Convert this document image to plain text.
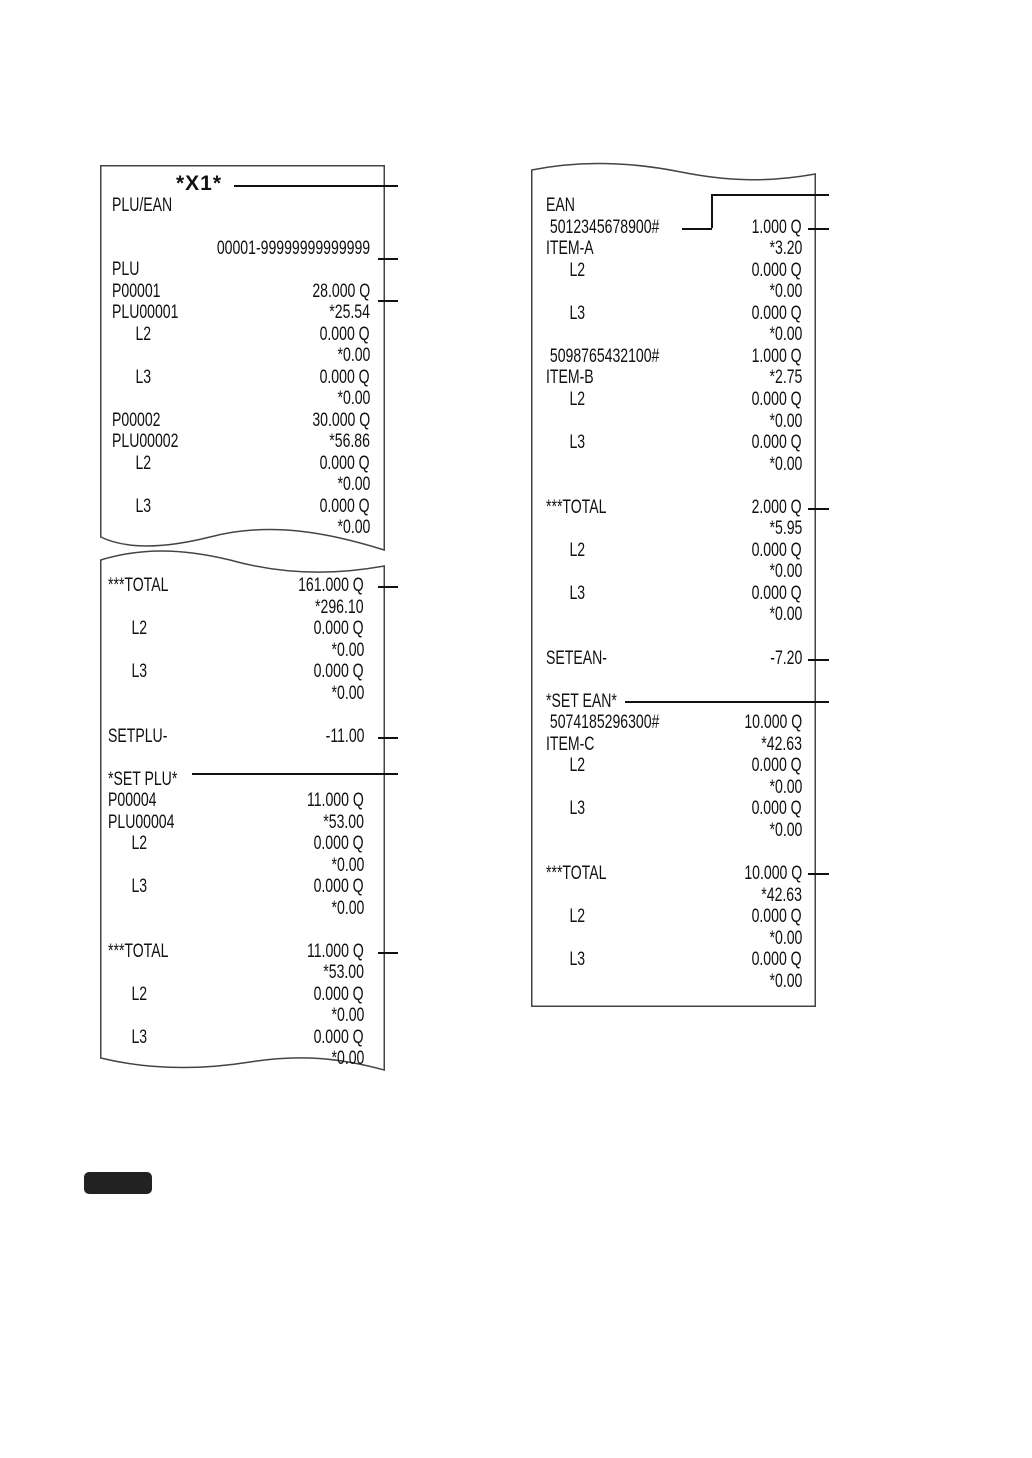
*X1*
PLU/EAN
00001-99999999999999
PLU
P00001	28.000 Q
PLU00001	*25.54
L2	0.000 Q
*0.00
L3	0.000 Q
*0.00
P00002	30.000 Q
PLU00002	*56.86
L2	0.000 Q
*0.00
L3	0.000 Q
*0.00
***TOTAL	161.000 Q
*296.10
L2	0.000 Q
*0.00
L3	0.000 Q
*0.00
SETPLU-	-11.00
*SET PLU*
P00004	11.000 Q
PLU00004	*53.00
L2	0.000 Q
*0.00
L3	0.000 Q
*0.00
***TOTAL	11.000 Q
*53.00
L2	0.000 Q
*0.00
L3	0.000 Q
*0.00
EAN
5012345678900#	1.000 Q
ITEM-A	*3.20
L2	0.000 Q
*0.00
L3	0.000 Q
*0.00
5098765432100#	1.000 Q
ITEM-B	*2.75
L2	0.000 Q
*0.00
L3	0.000 Q
*0.00
***TOTAL	2.000 Q
*5.95
L2	0.000 Q
*0.00
L3	0.000 Q
*0.00
SETEAN-	-7.20
*SET EAN*
5074185296300#	10.000 Q
ITEM-C	*42.63
L2	0.000 Q
*0.00
L3	0.000 Q
*0.00
***TOTAL	10.000 Q
*42.63
L2	0.000 Q
*0.00
L3	0.000 Q
*0.00
